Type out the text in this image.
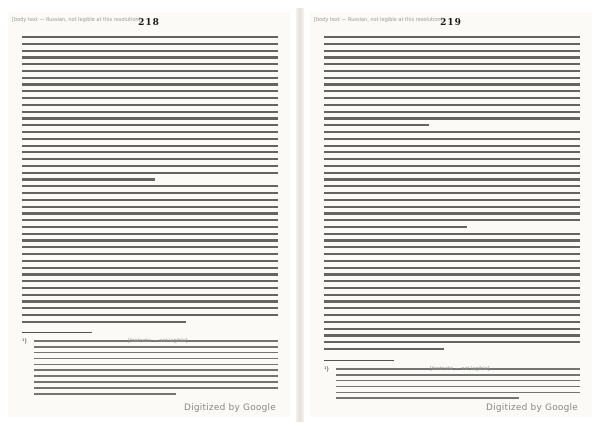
218
[body text — Russian, not legible at this resolution]
¹)	[footnote — not legible]
Digitized by Google
219
[body text — Russian, not legible at this resolution]
¹)	[footnote — not legible]
Digitized by Google
